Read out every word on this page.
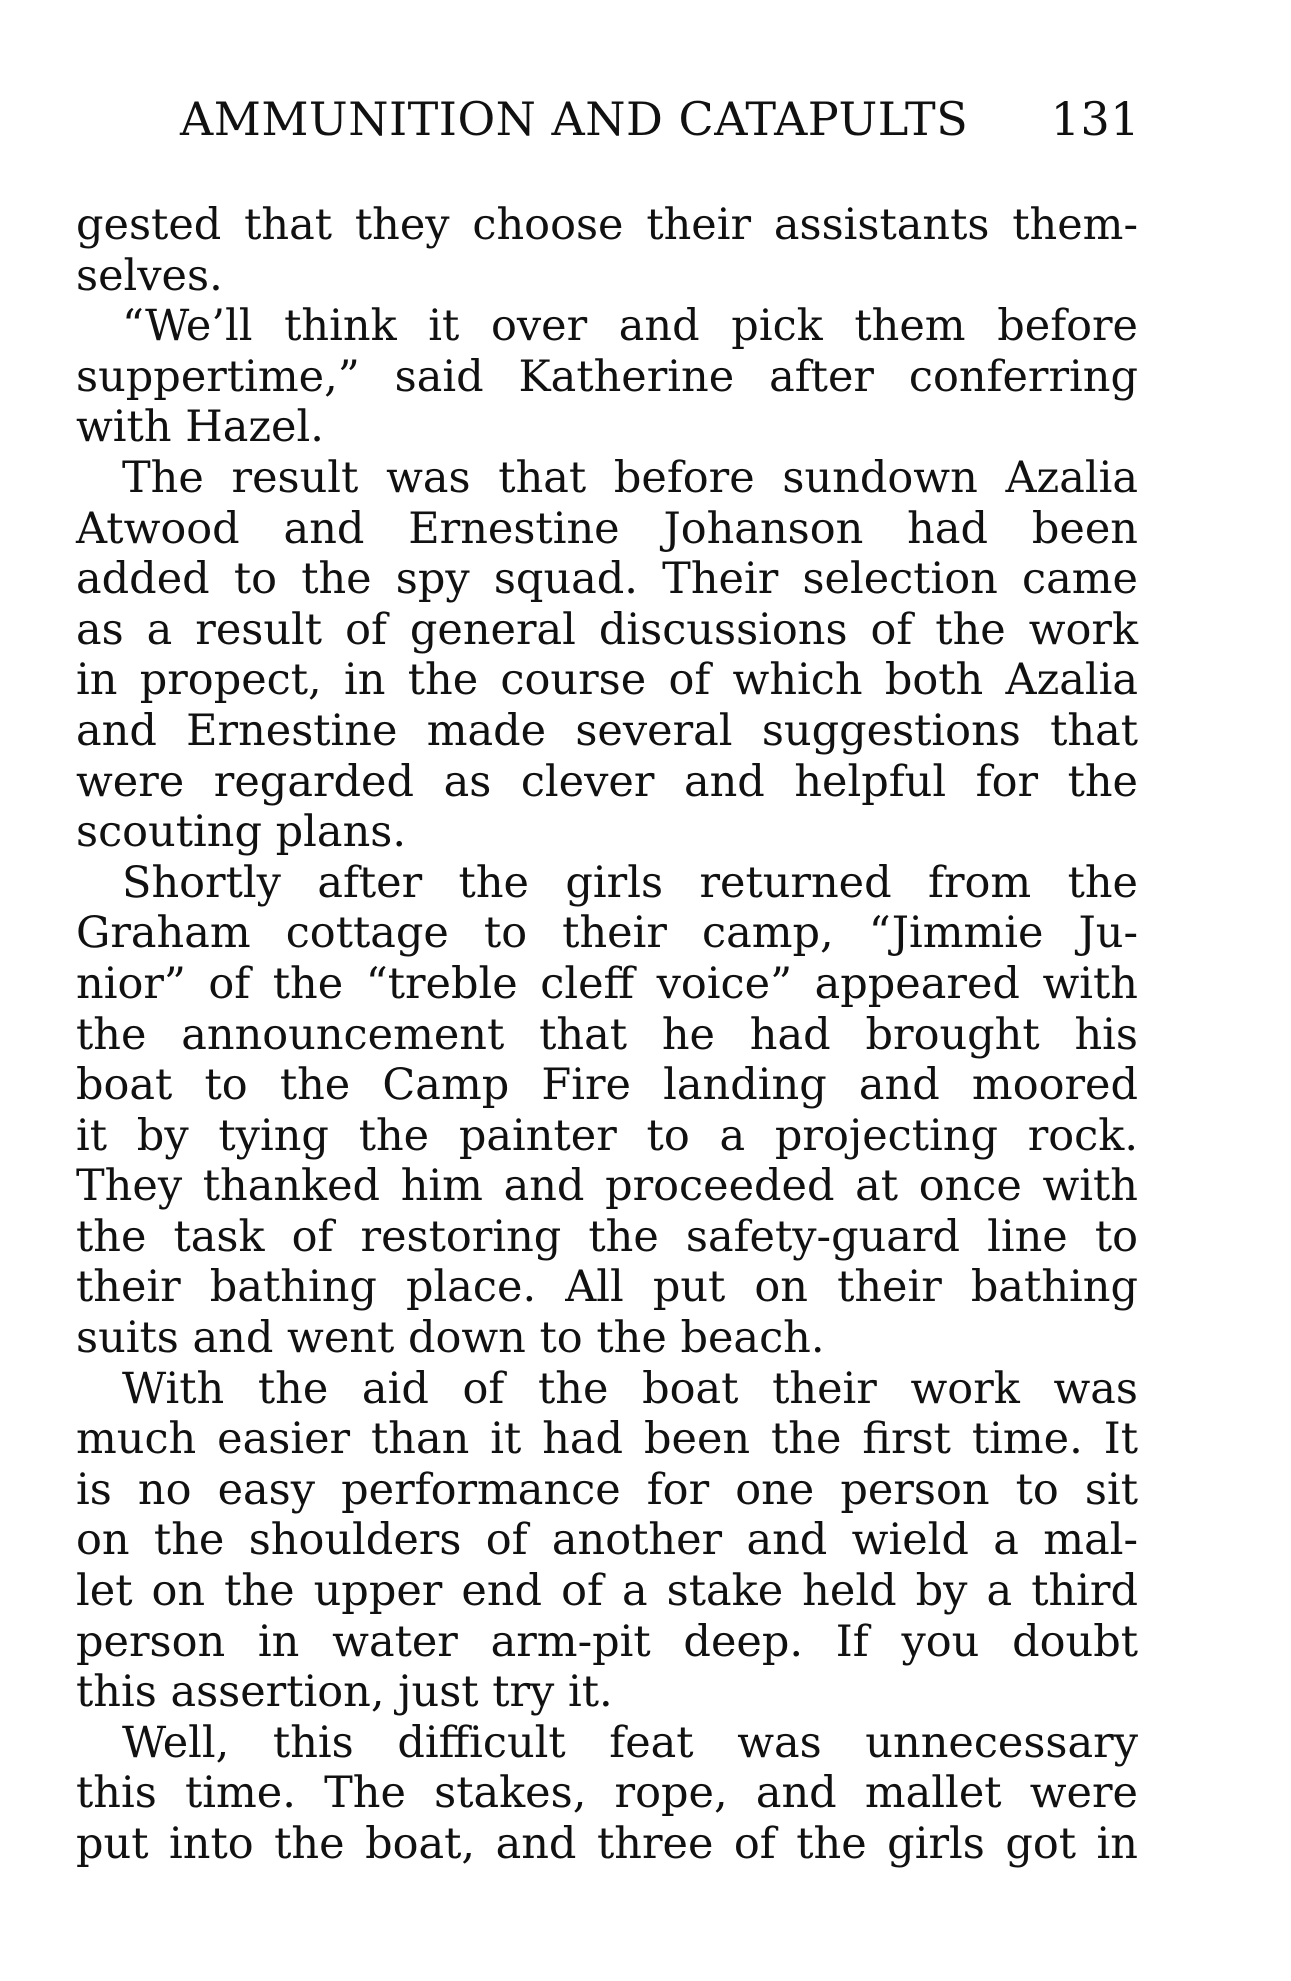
AMMUNITION AND CATAPULTS 131
gested that they choose their assistants them-
selves.
“We’ll think it over and pick them before
suppertime,” said Katherine after conferring
with Hazel.
The result was that before sundown Azalia
Atwood and Ernestine Johanson had been
added to the spy squad. Their selection came
as a result of general discussions of the work
in propect, in the course of which both Azalia
and Ernestine made several suggestions that
were regarded as clever and helpful for the
scouting plans.
Shortly after the girls returned from the
Graham cottage to their camp, “Jimmie Ju-
nior” of the “treble cleff voice” appeared with
the announcement that he had brought his
boat to the Camp Fire landing and moored
it by tying the painter to a projecting rock.
They thanked him and proceeded at once with
the task of restoring the safety-guard line to
their bathing place. All put on their bathing
suits and went down to the beach.
With the aid of the boat their work was
much easier than it had been the first time. It
is no easy performance for one person to sit
on the shoulders of another and wield a mal-
let on the upper end of a stake held by a third
person in water arm-pit deep. If you doubt
this assertion, just try it.
Well, this difficult feat was unnecessary
this time. The stakes, rope, and mallet were
put into the boat, and three of the girls got in
